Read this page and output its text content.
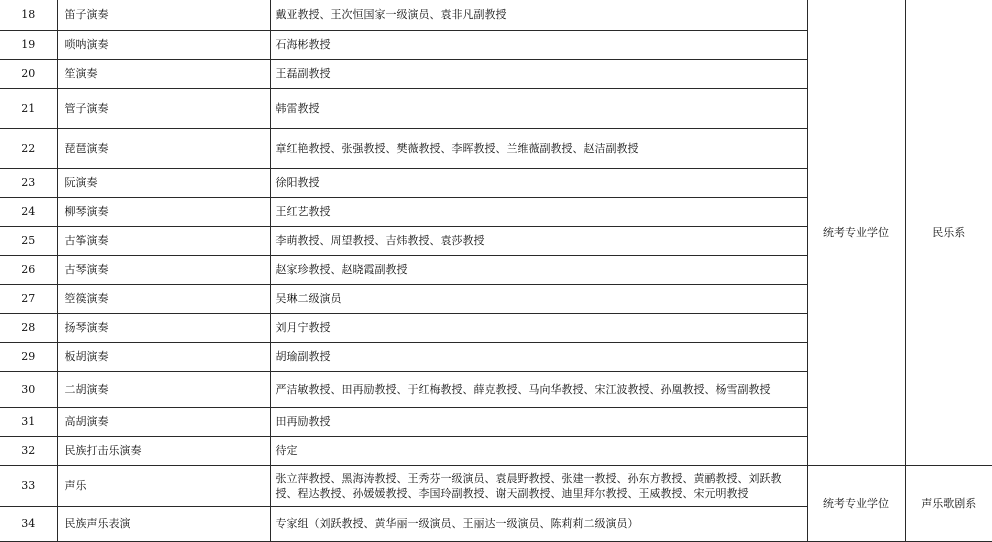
18	笛子演奏	戴亚教授、王次恒国家一级演员、袁非凡副教授	统考专业学位	民乐系
19	唢呐演奏	石海彬教授		
20	笙演奏	王磊副教授		
21	管子演奏	韩雷教授		
22	琵琶演奏	章红艳教授、张强教授、樊薇教授、李晖教授、兰维薇副教授、赵洁副教授		
23	阮演奏	徐阳教授		
24	柳琴演奏	王红艺教授		
25	古筝演奏	李萌教授、周望教授、吉炜教授、袁莎教授		
26	古琴演奏	赵家珍教授、赵晓霞副教授		
27	箜篌演奏	吴琳二级演员		
28	扬琴演奏	刘月宁教授		
29	板胡演奏	胡瑜副教授		
30	二胡演奏	严洁敏教授、田再励教授、于红梅教授、薛克教授、马向华教授、宋江波教授、孙凰教授、杨雪副教授		
31	高胡演奏	田再励教授		
32	民族打击乐演奏	待定		
33	声乐	张立萍教授、黑海涛教授、王秀芬一级演员、袁晨野教授、张建一教授、孙东方教授、黄鹂教授、刘跃教授、程达教授、孙媛媛教授、李国玲副教授、谢天副教授、迪里拜尔教授、王威教授、宋元明教授	统考专业学位	声乐歌剧系
34	民族声乐表演	专家组（刘跃教授、黄华丽一级演员、王丽达一级演员、陈莉莉二级演员）		
